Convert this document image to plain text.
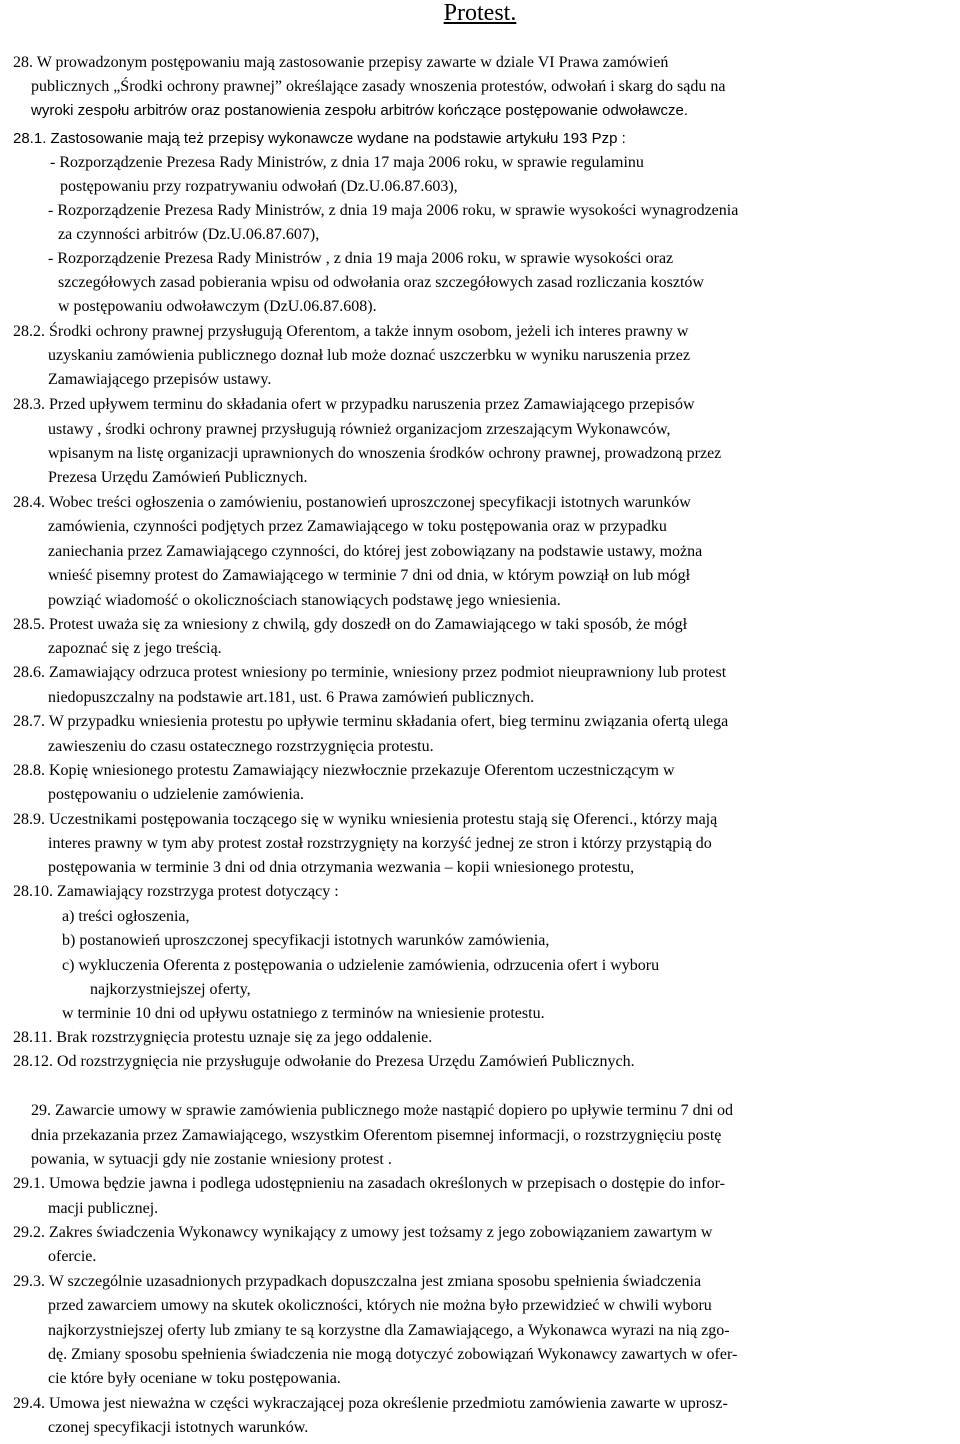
Protest.
28. W prowadzonym postępowaniu mają zastosowanie przepisy zawarte w dziale VI Prawa zamówień
publicznych „Środki ochrony prawnej” określające zasady wnoszenia protestów, odwołań i skarg do sądu na
wyroki zespołu arbitrów oraz postanowienia zespołu arbitrów kończące postępowanie odwoławcze.
28.1. Zastosowanie mają też przepisy wykonawcze wydane na podstawie artykułu 193 Pzp :
- Rozporządzenie Prezesa Rady Ministrów, z dnia 17 maja 2006 roku, w sprawie regulaminu
postępowaniu przy rozpatrywaniu odwołań (Dz.U.06.87.603),
- Rozporządzenie Prezesa Rady Ministrów, z dnia 19 maja 2006 roku, w sprawie wysokości wynagrodzenia
za czynności arbitrów (Dz.U.06.87.607),
- Rozporządzenie Prezesa Rady Ministrów , z dnia 19 maja 2006 roku, w sprawie wysokości oraz
szczegółowych zasad pobierania wpisu od odwołania oraz szczegółowych zasad rozliczania kosztów
w postępowaniu odwoławczym (DzU.06.87.608).
28.2. Środki ochrony prawnej przysługują Oferentom, a także innym osobom, jeżeli ich interes prawny w
uzyskaniu zamówienia publicznego doznał lub może doznać uszczerbku w wyniku naruszenia przez
Zamawiającego przepisów ustawy.
28.3. Przed upływem terminu do składania ofert w przypadku naruszenia przez Zamawiającego przepisów
ustawy , środki ochrony prawnej przysługują również organizacjom zrzeszającym Wykonawców,
wpisanym na listę organizacji uprawnionych do wnoszenia środków ochrony prawnej, prowadzoną przez
Prezesa Urzędu Zamówień Publicznych.
28.4. Wobec treści ogłoszenia o zamówieniu, postanowień uproszczonej specyfikacji istotnych warunków
zamówienia, czynności podjętych przez Zamawiającego w toku postępowania oraz w przypadku
zaniechania przez Zamawiającego czynności, do której jest zobowiązany na podstawie ustawy, można
wnieść pisemny protest do Zamawiającego w terminie 7 dni od dnia, w którym powziął on lub mógł
powziąć wiadomość o okolicznościach stanowiących podstawę jego wniesienia.
28.5. Protest uważa się za wniesiony z chwilą, gdy doszedł on do Zamawiającego w taki sposób, że mógł
zapoznać się z jego treścią.
28.6. Zamawiający odrzuca protest wniesiony po terminie, wniesiony przez podmiot nieuprawniony lub protest
niedopuszczalny na podstawie art.181, ust. 6 Prawa zamówień publicznych.
28.7. W przypadku wniesienia protestu po upływie terminu składania ofert, bieg terminu związania ofertą ulega
zawieszeniu do czasu ostatecznego rozstrzygnięcia protestu.
28.8. Kopię wniesionego protestu Zamawiający niezwłocznie przekazuje Oferentom uczestniczącym w
postępowaniu o udzielenie zamówienia.
28.9. Uczestnikami postępowania toczącego się w wyniku wniesienia protestu stają się Oferenci., którzy mają
interes prawny w tym aby protest został rozstrzygnięty na korzyść jednej ze stron i którzy przystąpią do
postępowania w terminie 3 dni od dnia otrzymania wezwania – kopii wniesionego protestu,
28.10. Zamawiający rozstrzyga protest dotyczący :
a) treści ogłoszenia,
b) postanowień uproszczonej specyfikacji istotnych warunków zamówienia,
c) wykluczenia Oferenta z postępowania o udzielenie zamówienia, odrzucenia ofert i wyboru
najkorzystniejszej oferty,
w terminie 10 dni od upływu ostatniego z terminów na wniesienie protestu.
28.11. Brak rozstrzygnięcia protestu uznaje się za jego oddalenie.
28.12. Od rozstrzygnięcia nie przysługuje odwołanie do Prezesa Urzędu Zamówień Publicznych.
29. Zawarcie umowy w sprawie zamówienia publicznego może nastąpić dopiero po upływie terminu 7 dni od
dnia przekazania przez Zamawiającego, wszystkim Oferentom pisemnej informacji, o rozstrzygnięciu postę
powania, w sytuacji gdy nie zostanie wniesiony protest .
29.1. Umowa będzie jawna i podlega udostępnieniu na zasadach określonych w przepisach o dostępie do infor-
macji publicznej.
29.2. Zakres świadczenia Wykonawcy wynikający z umowy jest tożsamy z jego zobowiązaniem zawartym w
ofercie.
29.3. W szczególnie uzasadnionych przypadkach dopuszczalna jest zmiana sposobu spełnienia świadczenia
przed zawarciem umowy na skutek okoliczności, których nie można było przewidzieć w chwili wyboru
najkorzystniejszej oferty lub zmiany te są korzystne dla Zamawiającego, a Wykonawca wyrazi na nią zgo-
dę. Zmiany sposobu spełnienia świadczenia nie mogą dotyczyć zobowiązań Wykonawcy zawartych w ofer-
cie które były oceniane w toku postępowania.
29.4. Umowa jest nieważna w części wykraczającej poza określenie przedmiotu zamówienia zawarte w uprosz-
czonej specyfikacji istotnych warunków.
